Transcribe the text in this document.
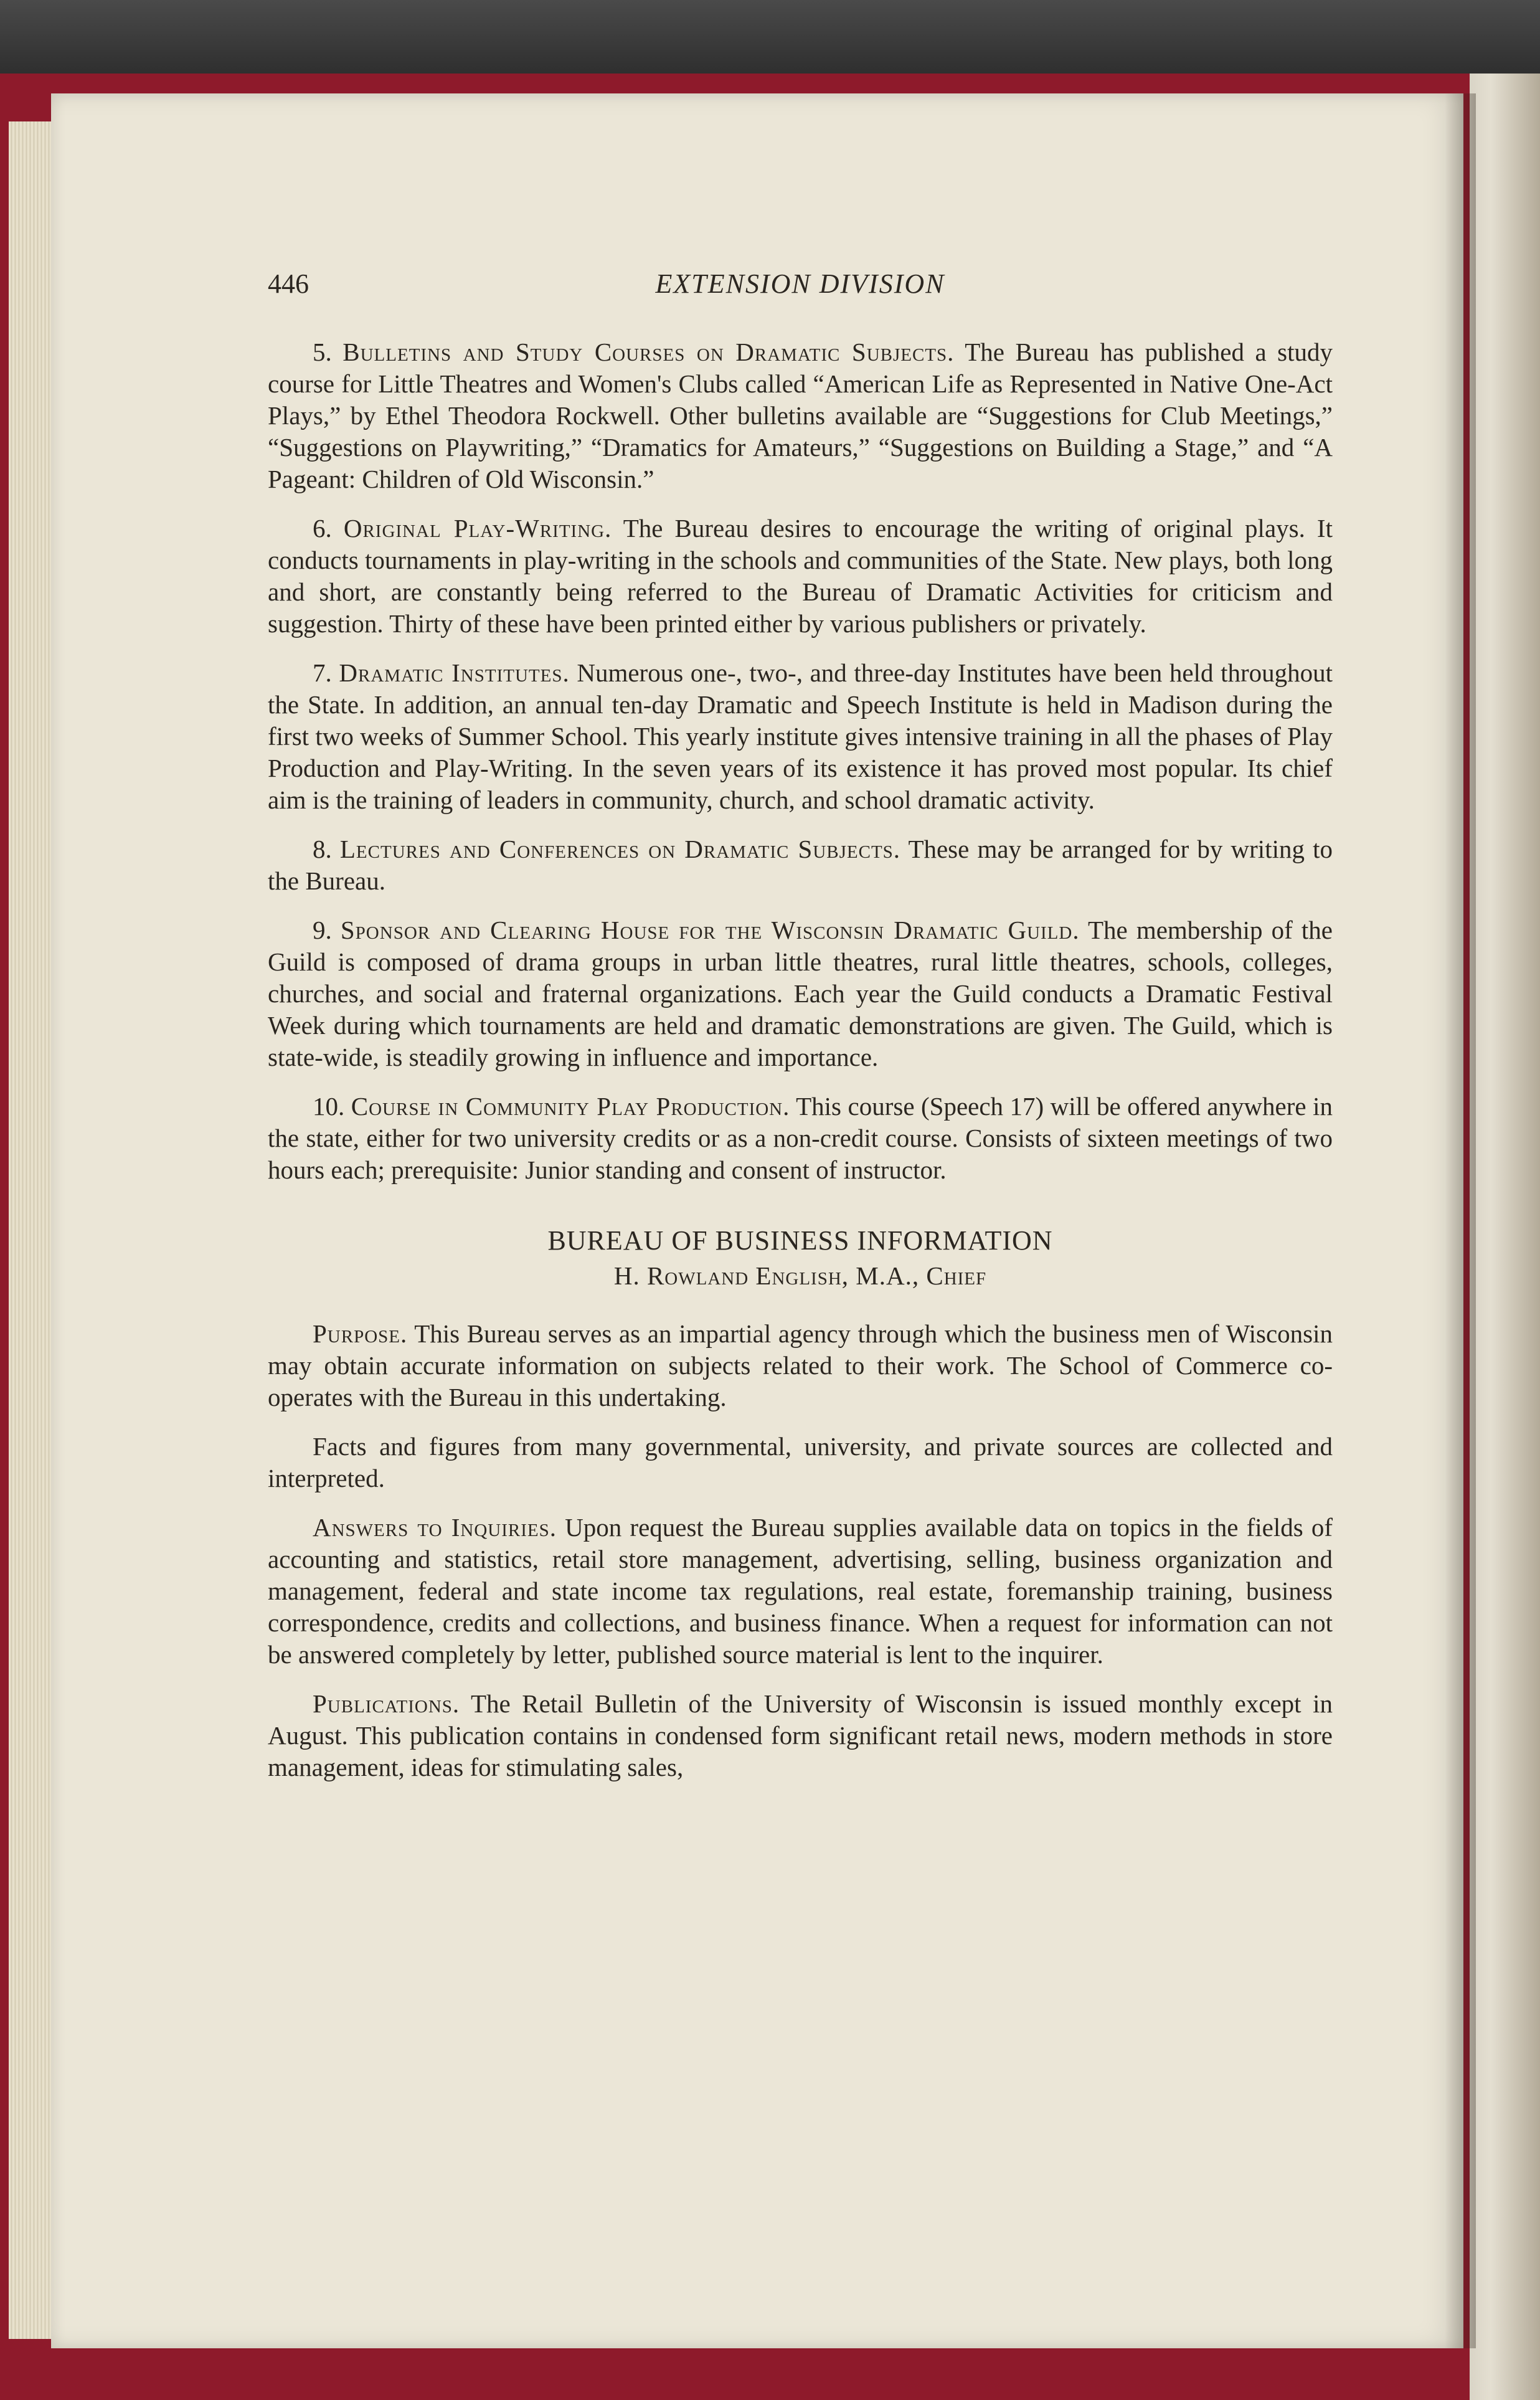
446	EXTENSION DIVISION

5. Bulletins and Study Courses on Dramatic Subjects. The Bureau has published a study course for Little Theatres and Women's Clubs called “American Life as Represented in Native One-Act Plays,” by Ethel Theodora Rockwell. Other bulletins available are “Suggestions for Club Meetings,” “Suggestions on Playwriting,” “Dramatics for Amateurs,” “Suggestions on Building a Stage,” and “A Pageant: Children of Old Wisconsin.”

6. Original Play-Writing. The Bureau desires to encourage the writing of original plays. It conducts tournaments in play-writing in the schools and communities of the State. New plays, both long and short, are constantly being referred to the Bureau of Dramatic Activities for criticism and suggestion. Thirty of these have been printed either by various publishers or privately.

7. Dramatic Institutes. Numerous one-, two-, and three-day Institutes have been held throughout the State. In addition, an annual ten-day Dramatic and Speech Institute is held in Madison during the first two weeks of Summer School. This yearly institute gives intensive training in all the phases of Play Production and Play-Writing. In the seven years of its existence it has proved most popular. Its chief aim is the training of leaders in community, church, and school dramatic activity.

8. Lectures and Conferences on Dramatic Subjects. These may be arranged for by writing to the Bureau.

9. Sponsor and Clearing House for the Wisconsin Dramatic Guild. The membership of the Guild is composed of drama groups in urban little theatres, rural little theatres, schools, colleges, churches, and social and fraternal organizations. Each year the Guild conducts a Dramatic Festival Week during which tournaments are held and dramatic demonstrations are given. The Guild, which is state-wide, is steadily growing in influence and importance.

10. Course in Community Play Production. This course (Speech 17) will be offered anywhere in the state, either for two university credits or as a non-credit course. Consists of sixteen meetings of two hours each; prerequisite: Junior standing and consent of instructor.

BUREAU OF BUSINESS INFORMATION
H. Rowland English, M.A., Chief

Purpose. This Bureau serves as an impartial agency through which the business men of Wisconsin may obtain accurate information on subjects related to their work. The School of Commerce co-operates with the Bureau in this undertaking.

Facts and figures from many governmental, university, and private sources are collected and interpreted.

Answers to Inquiries. Upon request the Bureau supplies available data on topics in the fields of accounting and statistics, retail store management, advertising, selling, business organization and management, federal and state income tax regulations, real estate, foremanship training, business correspondence, credits and collections, and business finance. When a request for information can not be answered completely by letter, published source material is lent to the inquirer.

Publications. The Retail Bulletin of the University of Wisconsin is issued monthly except in August. This publication contains in condensed form significant retail news, modern methods in store management, ideas for stimulating sales,
